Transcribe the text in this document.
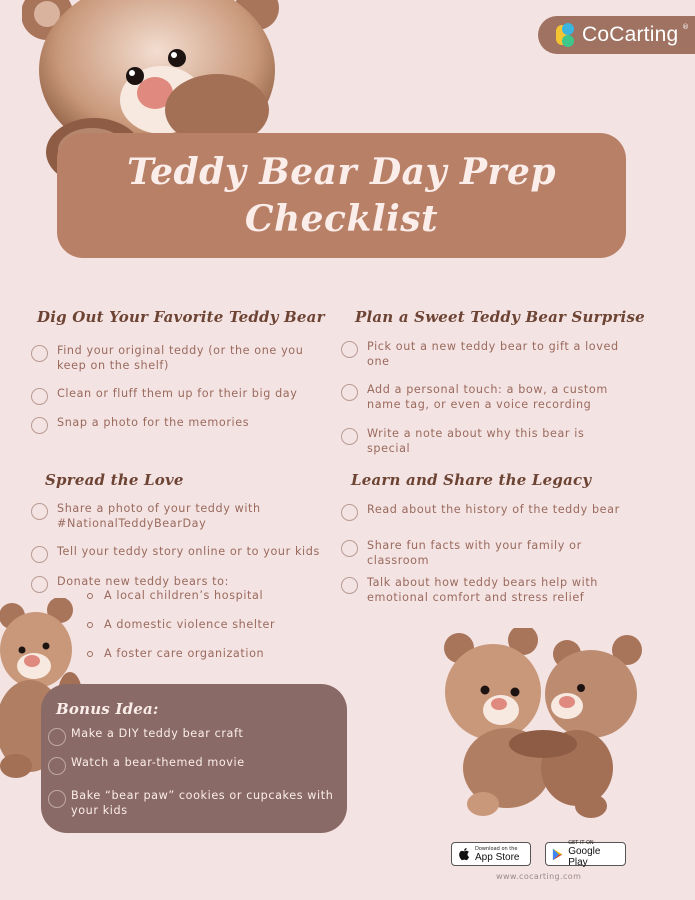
CoCarting ®
Teddy Bear Day Prep
Checklist
Dig Out Your Favorite Teddy Bear
Find your original teddy (or the one you
keep on the shelf)
Clean or fluff them up for their big day
Snap a photo for the memories
Plan a Sweet Teddy Bear Surprise
Pick out a new teddy bear to gift a loved
one
Add a personal touch: a bow, a custom
name tag, or even a voice recording
Write a note about why this bear is
special
Spread the Love
Share a photo of your teddy with
#NationalTeddyBearDay
Tell your teddy story online or to your kids
Donate new teddy bears to:
A local children’s hospital
A domestic violence shelter
A foster care organization
Learn and Share the Legacy
Read about the history of the teddy bear
Share fun facts with your family or
classroom
Talk about how teddy bears help with
emotional comfort and stress relief
Bonus Idea:
Make a DIY teddy bear craft
Watch a bear-themed movie
Bake “bear paw” cookies or cupcakes with
your kids
Download on the
App Store
GET IT ON
Google Play
www.cocarting.com
